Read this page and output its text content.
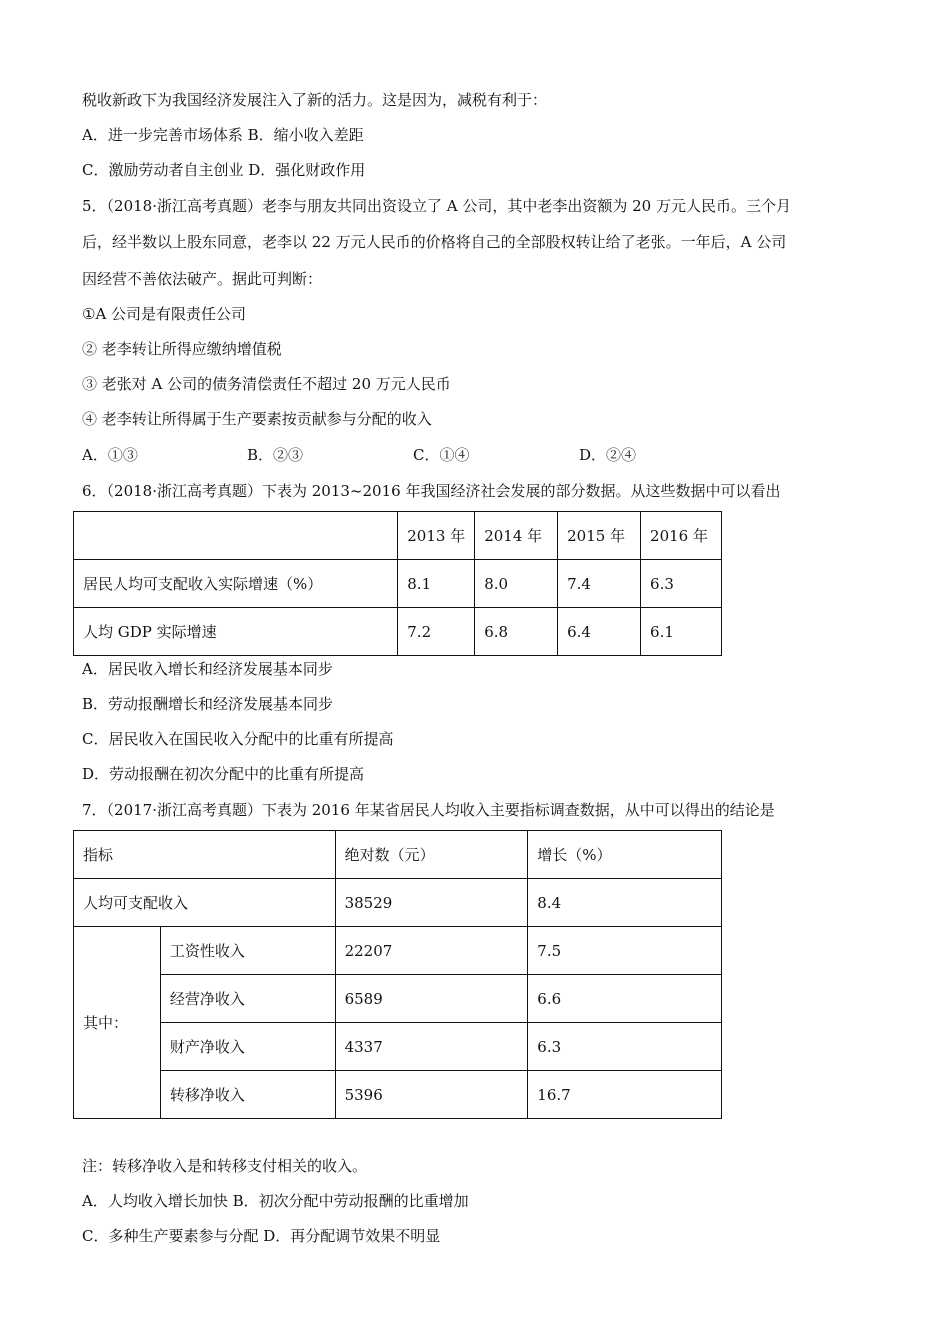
税收新政下为我国经济发展注入了新的活力。这是因为，减税有利于：
A．进一步完善市场体系 B．缩小收入差距
C．激励劳动者自主创业 D．强化财政作用
5．（2018·浙江高考真题）老李与朋友共同出资设立了 A 公司，其中老李出资额为 20 万元人民币。三个月
后，经半数以上股东同意，老李以 22 万元人民币的价格将自己的全部股权转让给了老张。一年后，A 公司
因经营不善依法破产。据此可判断：
①A 公司是有限责任公司
② 老李转让所得应缴纳增值税
③ 老张对 A 公司的债务清偿责任不超过 20 万元人民币
④ 老李转让所得属于生产要素按贡献参与分配的收入
A．①③	B．②③	C．①④	D．②④
6．（2018·浙江高考真题）下表为 2013~2016 年我国经济社会发展的部分数据。从这些数据中可以看出
	2013 年	2014 年	2015 年	2016 年
居民人均可支配收入实际增速（%）	8.1	8.0	7.4	6.3
人均 GDP 实际增速	7.2	6.8	6.4	6.1
A．居民收入增长和经济发展基本同步
B．劳动报酬增长和经济发展基本同步
C．居民收入在国民收入分配中的比重有所提高
D．劳动报酬在初次分配中的比重有所提高
7．（2017·浙江高考真题）下表为 2016 年某省居民人均收入主要指标调查数据，从中可以得出的结论是
指标		绝对数（元）	增长（%）
人均可支配收入		38529	8.4
其中：	工资性收入	22207	7.5
	经营净收入	6589	6.6
	财产净收入	4337	6.3
	转移净收入	5396	16.7
注：转移净收入是和转移支付相关的收入。
A．人均收入增长加快 B．初次分配中劳动报酬的比重增加
C．多种生产要素参与分配 D．再分配调节效果不明显
